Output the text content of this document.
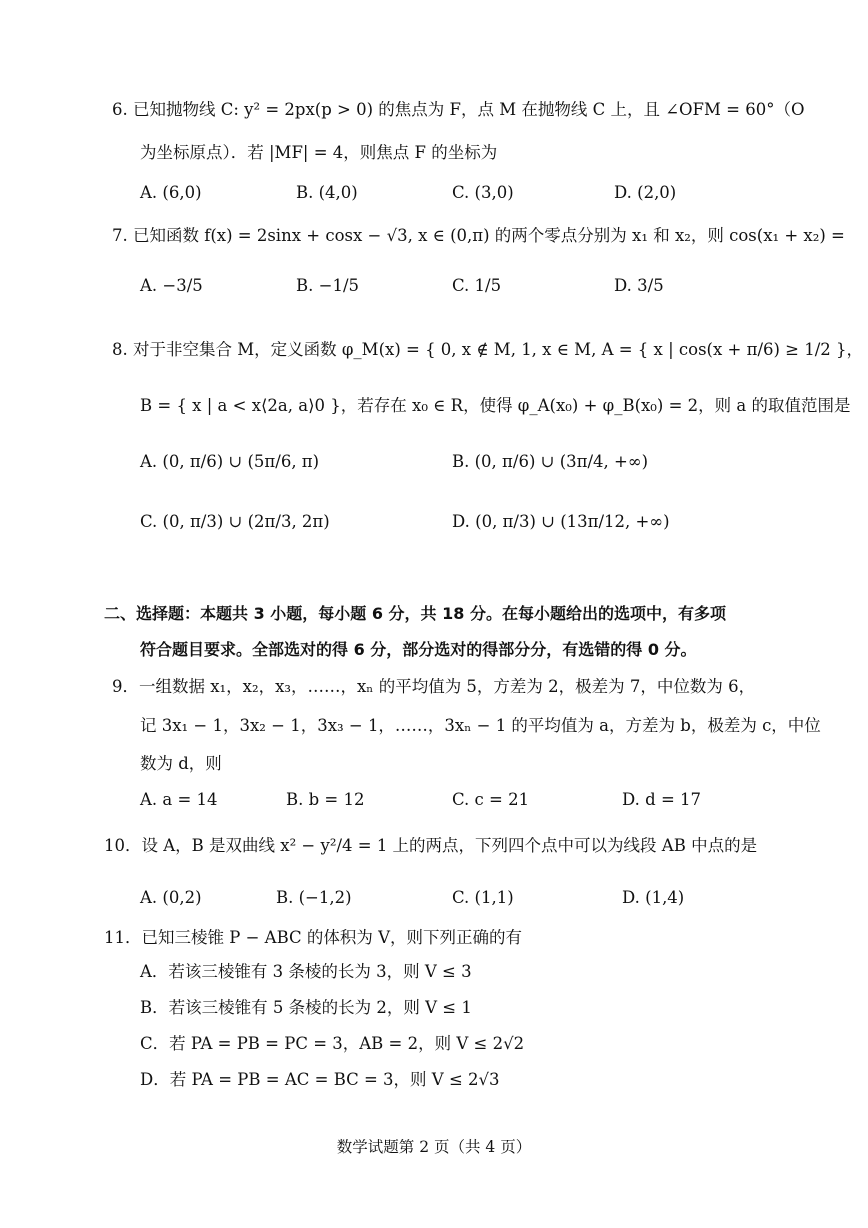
6. 已知抛物线 C: y² = 2px(p > 0) 的焦点为 F，点 M 在抛物线 C 上，且 ∠OFM = 60°（O
为坐标原点）．若 |MF| = 4，则焦点 F 的坐标为
A. (6,0)	B. (4,0)	C. (3,0)	D. (2,0)
7. 已知函数 f(x) = 2sinx + cosx − √3, x ∈ (0,π) 的两个零点分别为 x₁ 和 x₂，则 cos(x₁ + x₂) =
A. −3/5	B. −1/5	C. 1/5	D. 3/5
8. 对于非空集合 M，定义函数 φ_M(x) = { 0, x ∉ M, 1, x ∈ M, A = { x | cos(x + π/6) ≥ 1/2 }，
B = { x | a < x⟨2a, a⟩0 }，若存在 x₀ ∈ R，使得 φ_A(x₀) + φ_B(x₀) = 2，则 a 的取值范围是
A. (0, π/6) ∪ (5π/6, π)	B. (0, π/6) ∪ (3π/4, +∞)
C. (0, π/3) ∪ (2π/3, 2π)	D. (0, π/3) ∪ (13π/12, +∞)
二、选择题：本题共 3 小题，每小题 6 分，共 18 分。在每小题给出的选项中，有多项
符合题目要求。全部选对的得 6 分，部分选对的得部分分，有选错的得 0 分。
9．一组数据 x₁，x₂，x₃，……，xₙ 的平均值为 5，方差为 2，极差为 7，中位数为 6，
记 3x₁ − 1，3x₂ − 1，3x₃ − 1，……，3xₙ − 1 的平均值为 a，方差为 b，极差为 c，中位
数为 d，则
A. a = 14	B. b = 12	C. c = 21	D. d = 17
10．设 A，B 是双曲线 x² − y²/4 = 1 上的两点，下列四个点中可以为线段 AB 中点的是
A. (0,2)	B. (−1,2)	C. (1,1)	D. (1,4)
11．已知三棱锥 P − ABC 的体积为 V，则下列正确的有
A．若该三棱锥有 3 条棱的长为 3，则 V ≤ 3
B．若该三棱锥有 5 条棱的长为 2，则 V ≤ 1
C．若 PA = PB = PC = 3，AB = 2，则 V ≤ 2√2
D．若 PA = PB = AC = BC = 3，则 V ≤ 2√3
数学试题第 2 页（共 4 页）
